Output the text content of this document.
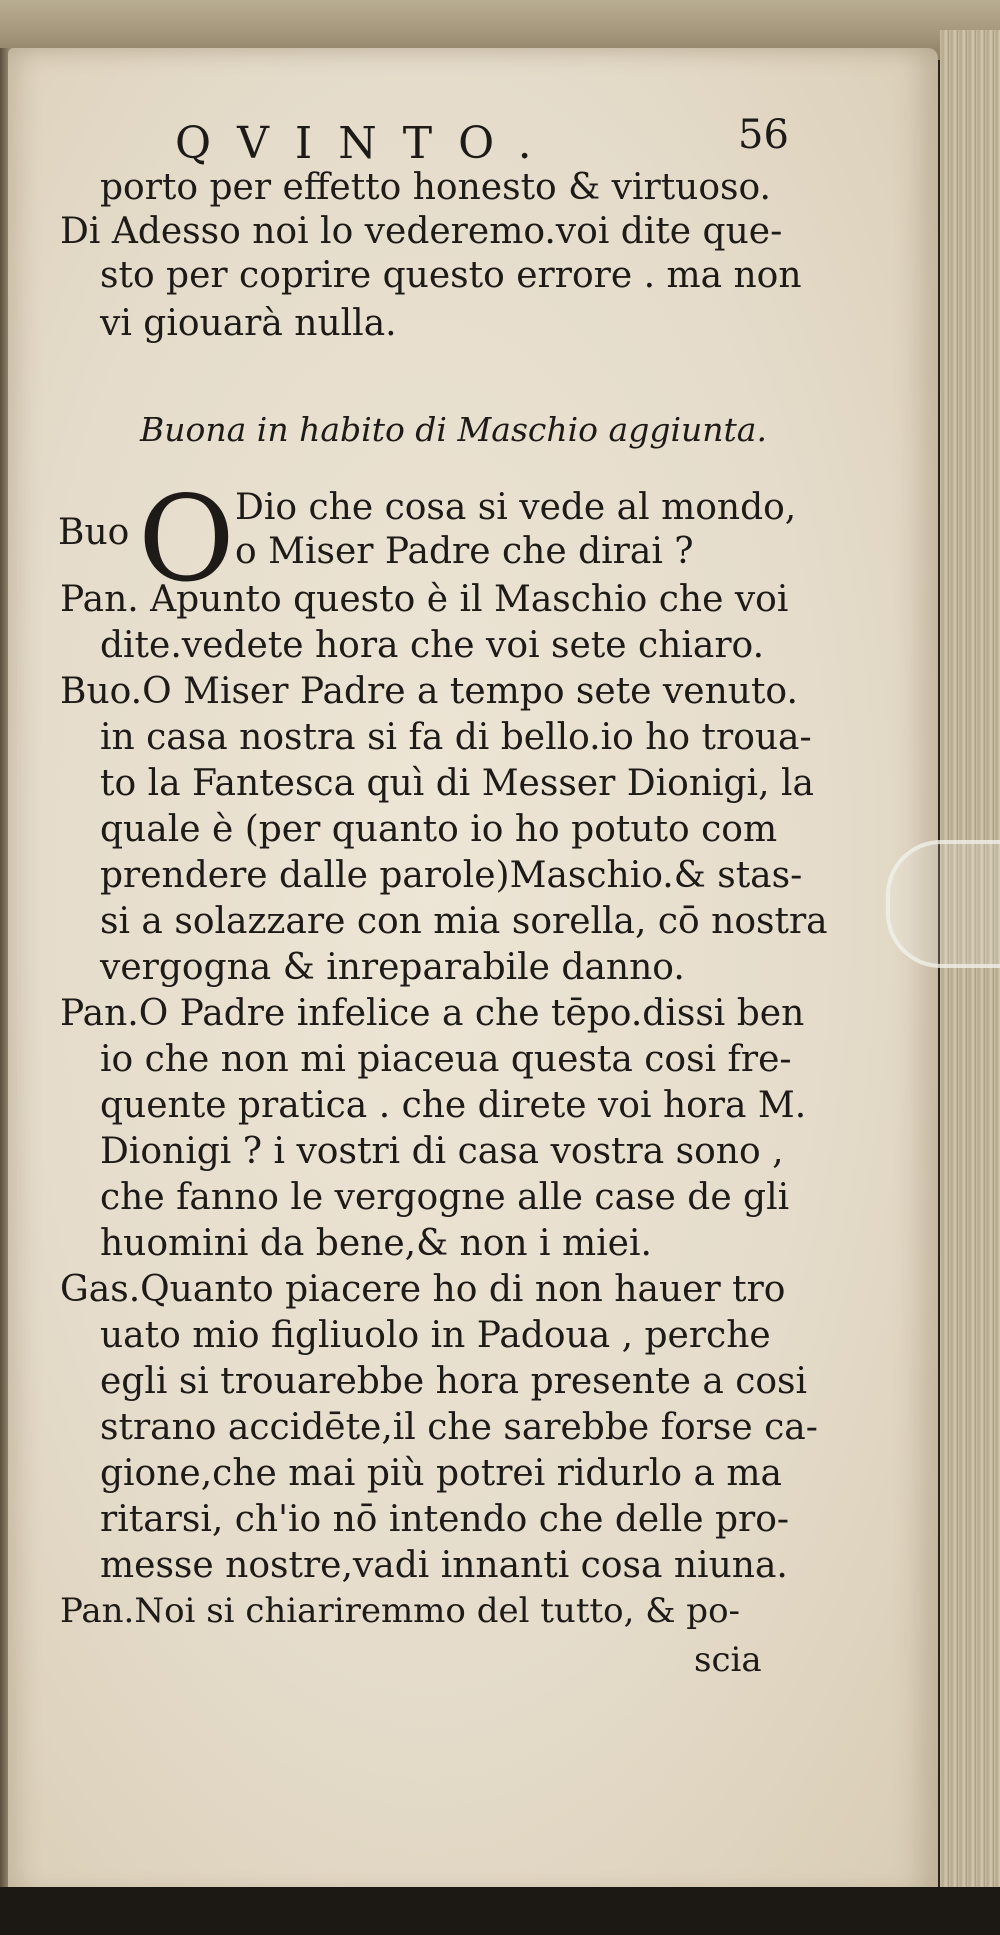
QVINTO.	56
porto per effetto honesto & virtuoso.
Di Adesso noi lo vederemo.voi dite que-
sto per coprire questo errore . ma non
vi giouarà nulla.
Buona in habito di Maschio aggiunta.
Buo O Dio che cosa si vede al mondo,
o Miser Padre che dirai ?
Pan. Apunto questo è il Maschio che voi
dite.vedete hora che voi sete chiaro.
Buo.O Miser Padre a tempo sete venuto.
in casa nostra si fa di bello.io ho troua-
to la Fantesca quì di Messer Dionigi, la
quale è (per quanto io ho potuto com
prendere dalle parole)Maschio.& stas-
si a solazzare con mia sorella, cō nostra
vergogna & inreparabile danno.
Pan.O Padre infelice a che tēpo.dissi ben
io che non mi piaceua questa cosi fre-
quente pratica . che direte voi hora M.
Dionigi ? i vostri di casa vostra sono ,
che fanno le vergogne alle case de gli
huomini da bene,& non i miei.
Gas.Quanto piacere ho di non hauer tro
uato mio figliuolo in Padoua , perche
egli si trouarebbe hora presente a cosi
strano accidēte,il che sarebbe forse ca-
gione,che mai più potrei ridurlo a ma
ritarsi, ch'io nō intendo che delle pro-
messe nostre,vadi innanti cosa niuna.
Pan.Noi si chiariremmo del tutto, & po-
scia
